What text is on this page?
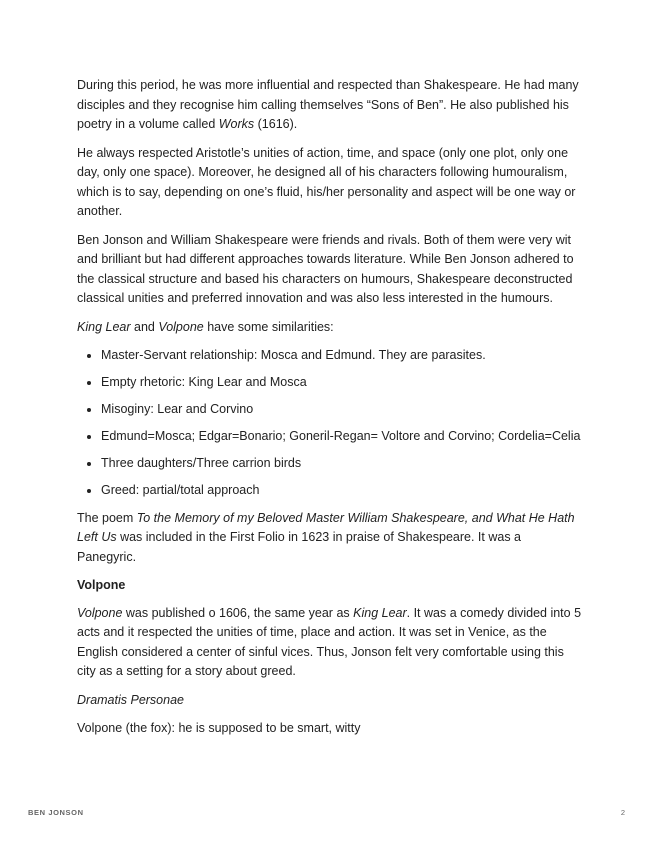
During this period, he was more influential and respected than Shakespeare. He had many disciples and they recognise him calling themselves “Sons of Ben”. He also published his poetry in a volume called Works (1616).

He always respected Aristotle’s unities of action, time, and space (only one plot, only one day, only one space). Moreover, he designed all of his characters following humouralism, which is to say, depending on one’s fluid, his/her personality and aspect will be one way or another.

Ben Jonson and William Shakespeare were friends and rivals. Both of them were very wit and brilliant but had different approaches towards literature. While Ben Jonson adhered to the classical structure and based his characters on humours, Shakespeare deconstructed classical unities and preferred innovation and was also less interested in the humours.

King Lear and Volpone have some similarities:

• Master-Servant relationship: Mosca and Edmund. They are parasites.
• Empty rhetoric: King Lear and Mosca
• Misoginy: Lear and Corvino
• Edmund=Mosca; Edgar=Bonario; Goneril-Regan= Voltore and Corvino; Cordelia=Celia
• Three daughters/Three carrion birds
• Greed: partial/total approach

The poem To the Memory of my Beloved Master William Shakespeare, and What He Hath Left Us was included in the First Folio in 1623 in praise of Shakespeare. It was a Panegyric.

Volpone

Volpone was published o 1606, the same year as King Lear. It was a comedy divided into 5 acts and it respected the unities of time, place and action. It was set in Venice, as the English considered a center of sinful vices. Thus, Jonson felt very comfortable using this city as a setting for a story about greed.

Dramatis Personae

Volpone (the fox): he is supposed to be smart, witty

BEN JONSON	2
